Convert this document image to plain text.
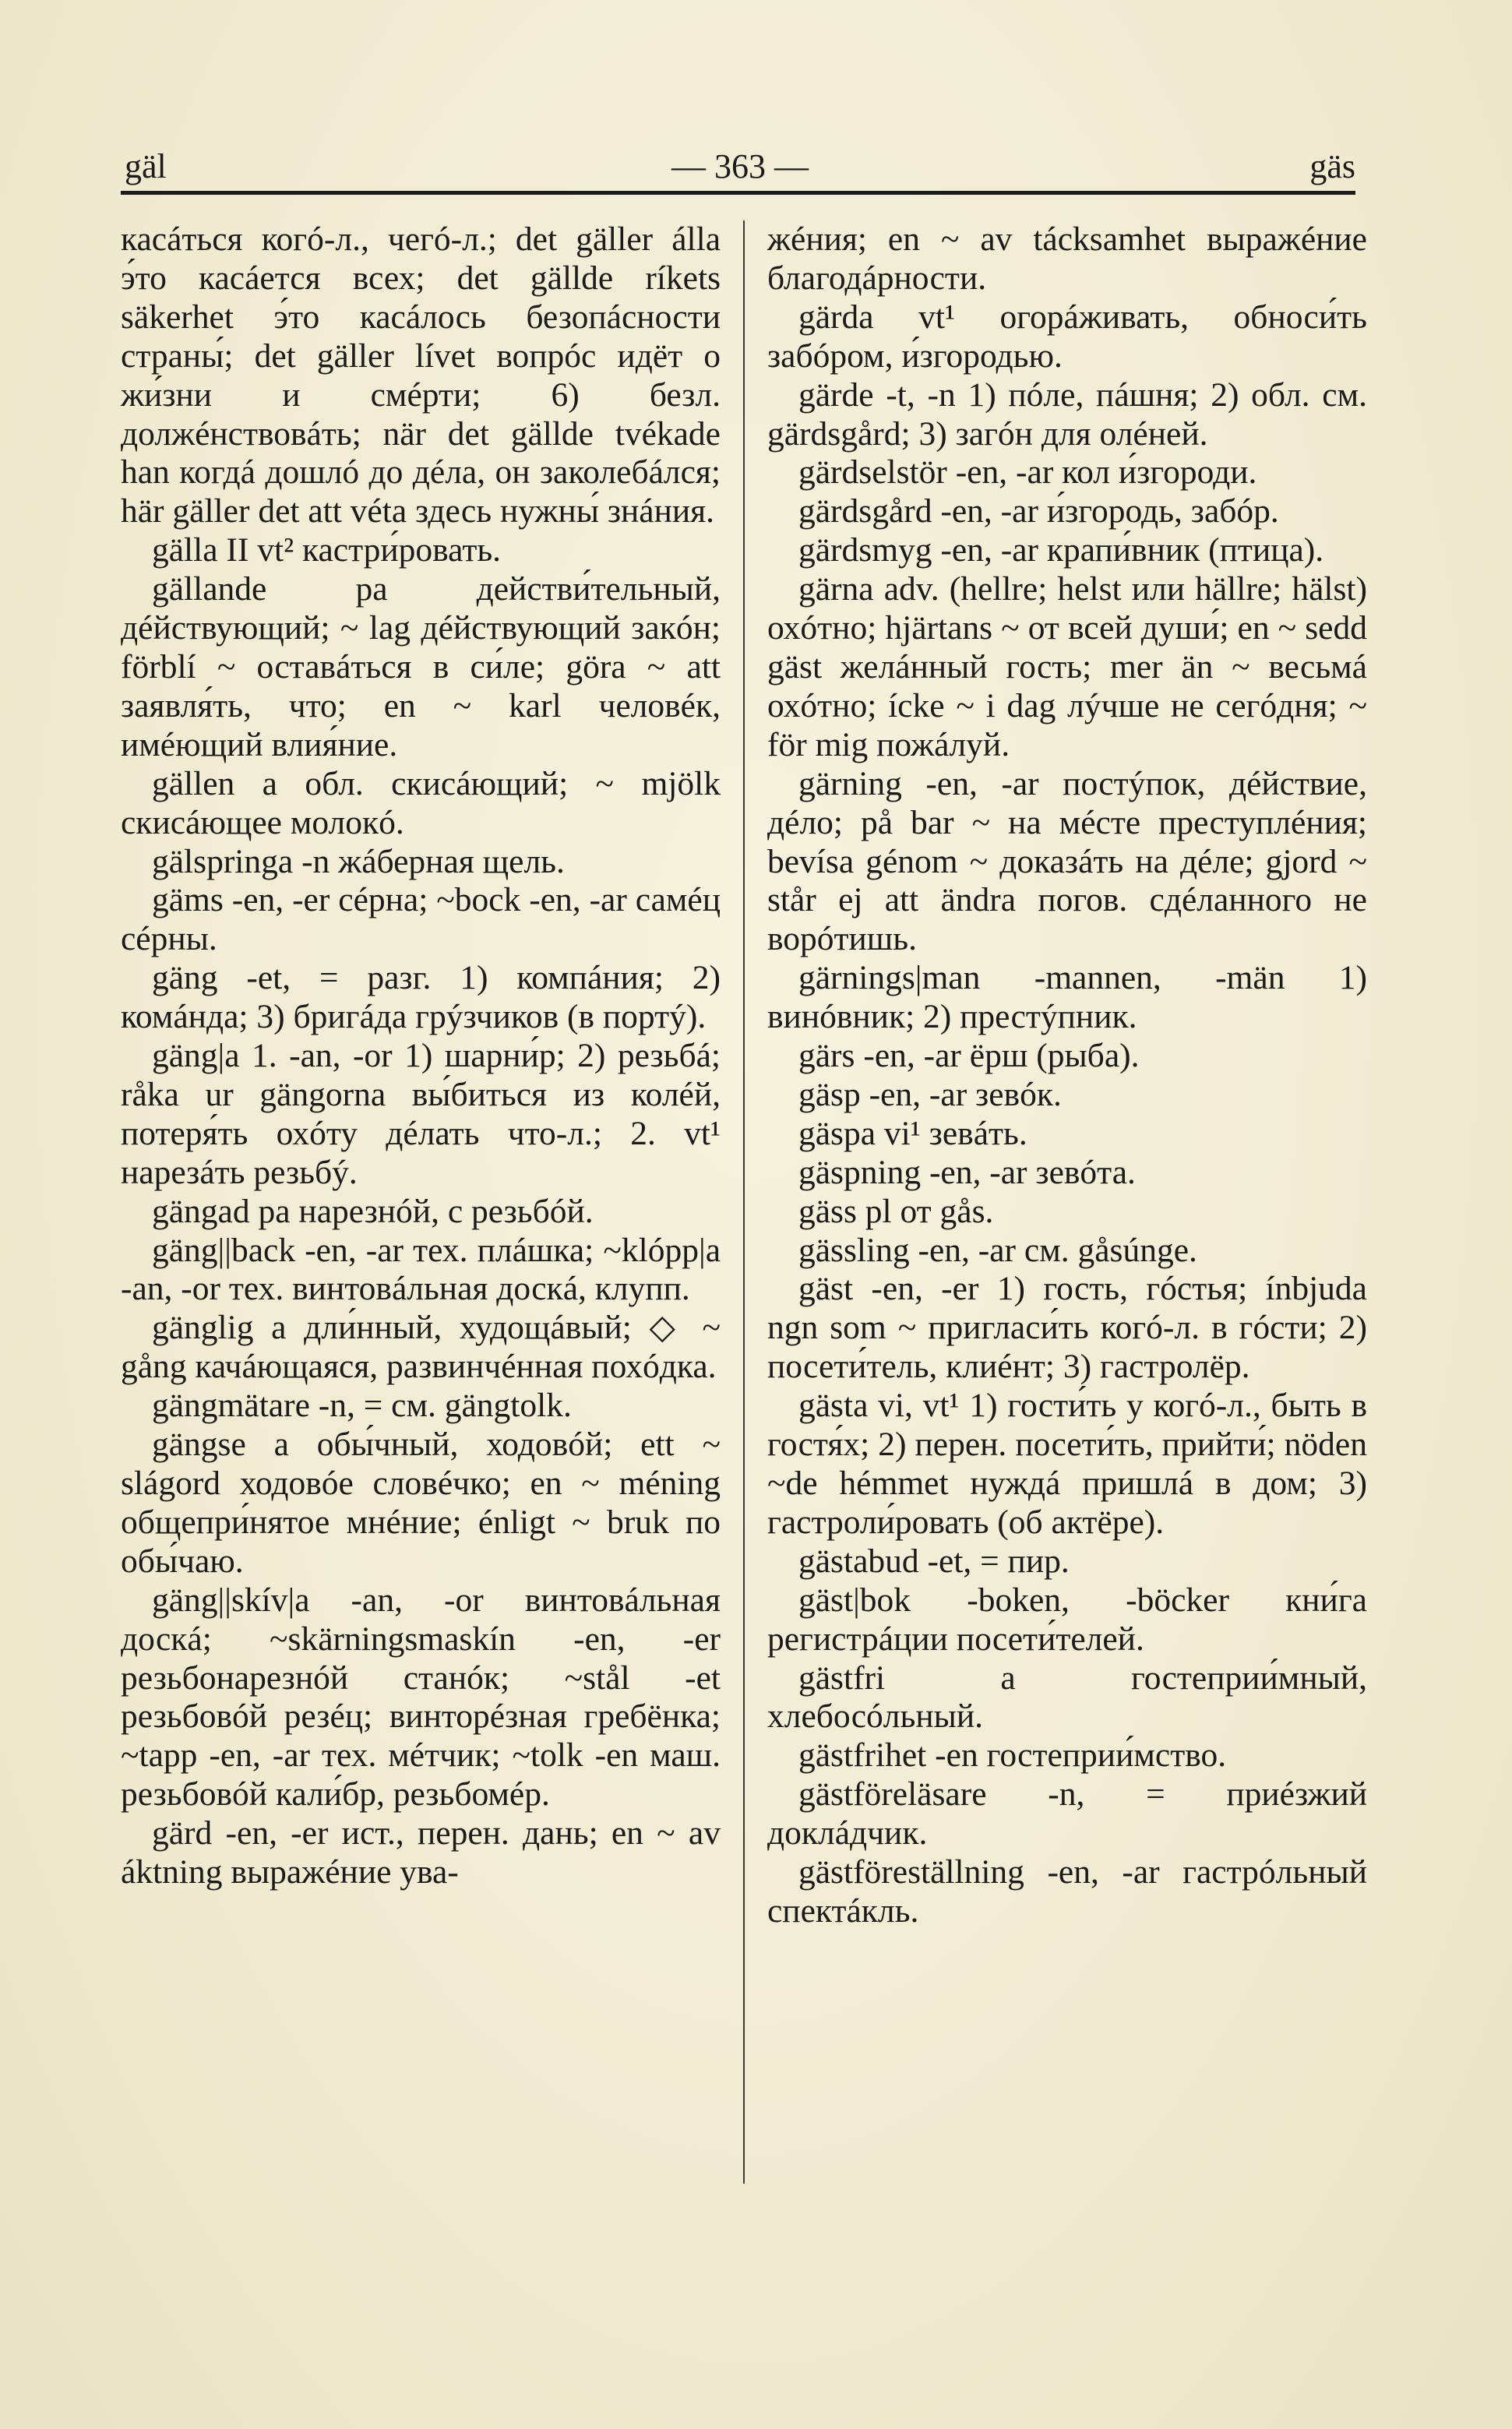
gäl	— 363 —	gäs

касáться когó-л., чегó-л.; det gäller álla э́то касáется всех; det gällde ríkets säkerhet э́то касáлось безопáсности страны́; det gäller lívet вопрóс идёт о жи́зни и смéрти; 6) безл. должéнствовáть; när det gällde tvékade han когдá дошлó до дéла, он заколебáлся; här gäller det att véta здесь нужны́ знáния.

gälla II vt² кастри́ровать.

gällande pa действи́тельный, дéйствующий; ~ lag дéйствующий закóн; förblí ~ оставáться в си́ле; göra ~ att заявля́ть, что; en ~ karl человéк, имéющий влия́ние.

gällen a обл. скисáющий; ~ mjölk скисáющее молокó.

gälspringa -n жáберная щель.

gäms -en, -er сéрна; ~bock -en, -ar самéц сéрны.

gäng -et, = разг. 1) компáния; 2) комáнда; 3) бригáда грýзчиков (в портý).

gäng|a 1. -an, -or 1) шарни́р; 2) резьбá; råka ur gängorna вы́биться из колéй, потеря́ть охóту дéлать что-л.; 2. vt¹ нарезáть резьбý.

gängad pa нарезнóй, с резьбóй.

gäng||back -en, -ar тех. плáшка; ~klópp|a -an, -or тех. винтовáльная доскá, клупп.

gänglig a дли́нный, худощáвый; ◇ ~ gång качáющаяся, развинчéнная похóдка.

gängmätare -n, = см. gängtolk.

gängse a обы́чный, ходовóй; ett ~ slágord ходовóе словéчко; en ~ méning общепри́нятое мнéние; énligt ~ bruk по обы́чаю.

gäng||skív|a -an, -or винтовáльная доскá; ~skärningsmaskín -en, -er резьбонарезнóй станóк; ~stål -et резьбовóй резéц; винторéзная гребёнка; ~tapp -en, -ar тех. мéтчик; ~tolk -en маш. резьбовóй кали́бр, резьбомéр.

gärd -en, -er ист., перен. дань; en ~ av áktning выражéние ува-

жéния; en ~ av tácksamhet выражéние благодáрности.

gärda vt¹ огорáживать, обноси́ть забóром, и́згородью.

gärde -t, -n 1) пóле, пáшня; 2) обл. см. gärdsgård; 3) загóн для олéней.

gärdselstör -en, -ar кол и́згороди.

gärdsgård -en, -ar и́згородь, забóр.

gärdsmyg -en, -ar крапи́вник (птица).

gärna adv. (hellre; helst или hällre; hälst) охóтно; hjärtans ~ от всей души́; en ~ sedd gäst желáнный гость; mer än ~ весьмá охóтно; ícke ~ i dag лýчше не сегóдня; ~ för mig пожáлуй.

gärning -en, -ar постýпок, дéйствие, дéло; på bar ~ на мéсте преступлéния; bevísa génom ~ доказáть на дéле; gjord ~ står ej att ändra погов. сдéланного не ворóтишь.

gärnings|man -mannen, -män 1) винóвник; 2) престýпник.

gärs -en, -ar ёрш (рыба).

gäsp -en, -ar зевóк.

gäspa vi¹ зевáть.

gäspning -en, -ar зевóта.

gäss pl от gås.

gässling -en, -ar см. gåsúnge.

gäst -en, -er 1) гость, гóстья; ínbjuda ngn som ~ пригласи́ть когó-л. в гóсти; 2) посети́тель, клиéнт; 3) гастролёр.

gästa vi, vt¹ 1) гости́ть у когó-л., быть в гостя́х; 2) перен. посети́ть, прийти́; nöden ~de hémmet нуждá пришлá в дом; 3) гастроли́ровать (об актёре).

gästabud -et, = пир.

gäst|bok -boken, -böcker кни́га регистрáции посети́телей.

gästfri a гостеприи́мный, хлебосóльный.

gästfrihet -en гостеприи́мство.

gästföreläsare -n, = приéзжий доклáдчик.

gästföreställning -en, -ar гастрóльный спектáкль.
